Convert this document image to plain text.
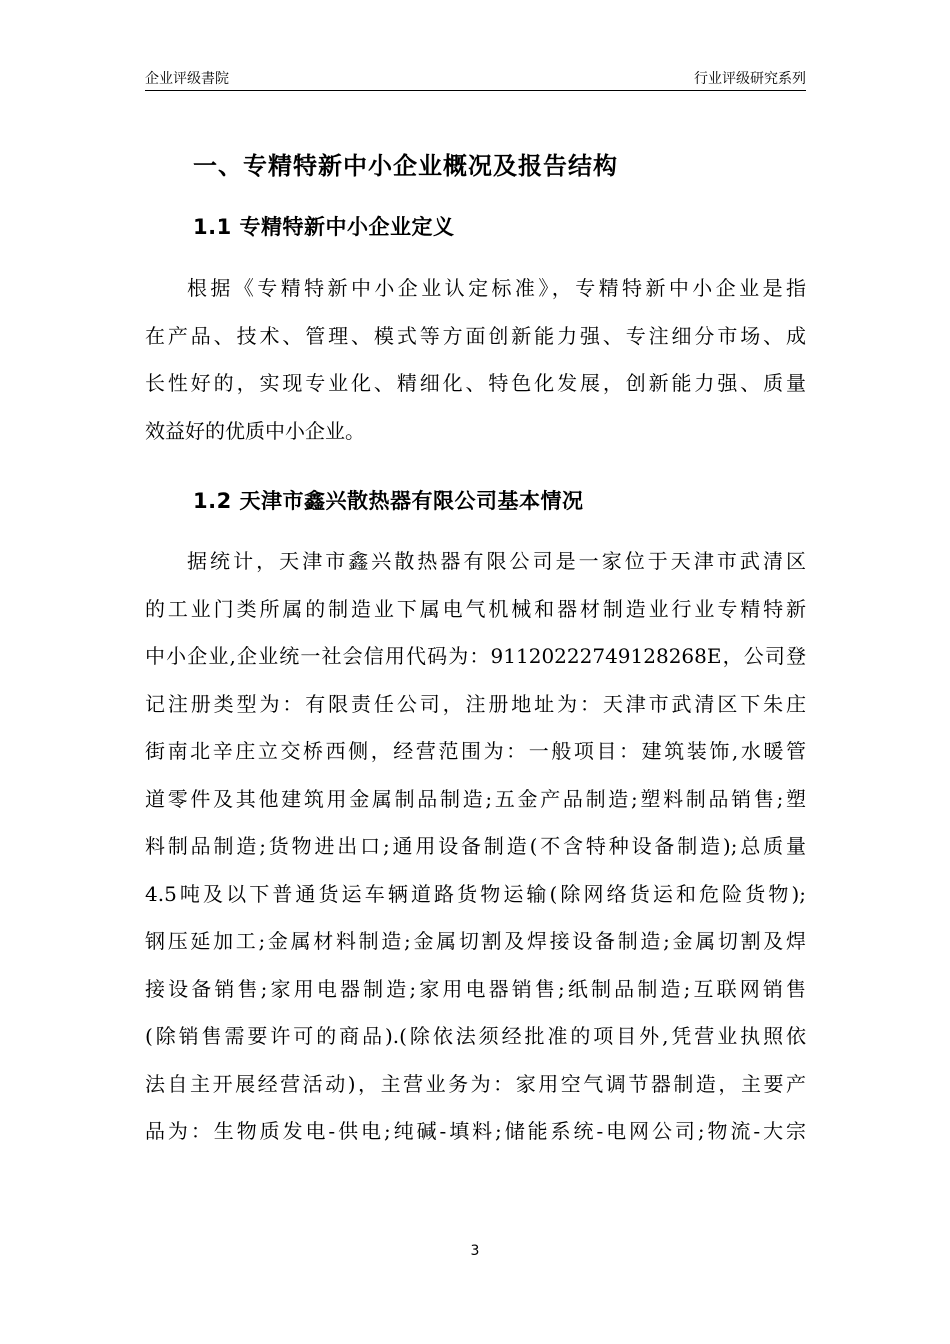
企业评级書院	行业评级研究系列
一、专精特新中小企业概况及报告结构
1.1 专精特新中小企业定义
根据《专精特新中小企业认定标准》，专精特新中小企业是指
在产品、技术、管理、模式等方面创新能力强、专注细分市场、成
长性好的，实现专业化、精细化、特色化发展，创新能力强、质量
效益好的优质中小企业。
1.2 天津市鑫兴散热器有限公司基本情况
据统计，天津市鑫兴散热器有限公司是一家位于天津市武清区
的工业门类所属的制造业下属电气机械和器材制造业行业专精特新
中小企业,企业统一社会信用代码为：91120222749128268E，公司登
记注册类型为：有限责任公司，注册地址为：天津市武清区下朱庄
街南北辛庄立交桥西侧，经营范围为：一般项目：建筑装饰,水暖管
道零件及其他建筑用金属制品制造;五金产品制造;塑料制品销售;塑
料制品制造;货物进出口;通用设备制造(不含特种设备制造);总质量
4.5吨及以下普通货运车辆道路货物运输(除网络货运和危险货物);
钢压延加工;金属材料制造;金属切割及焊接设备制造;金属切割及焊
接设备销售;家用电器制造;家用电器销售;纸制品制造;互联网销售
(除销售需要许可的商品).(除依法须经批准的项目外,凭营业执照依
法自主开展经营活动)，主营业务为：家用空气调节器制造，主要产
品为：生物质发电-供电;纯碱-填料;储能系统-电网公司;物流-大宗
3
